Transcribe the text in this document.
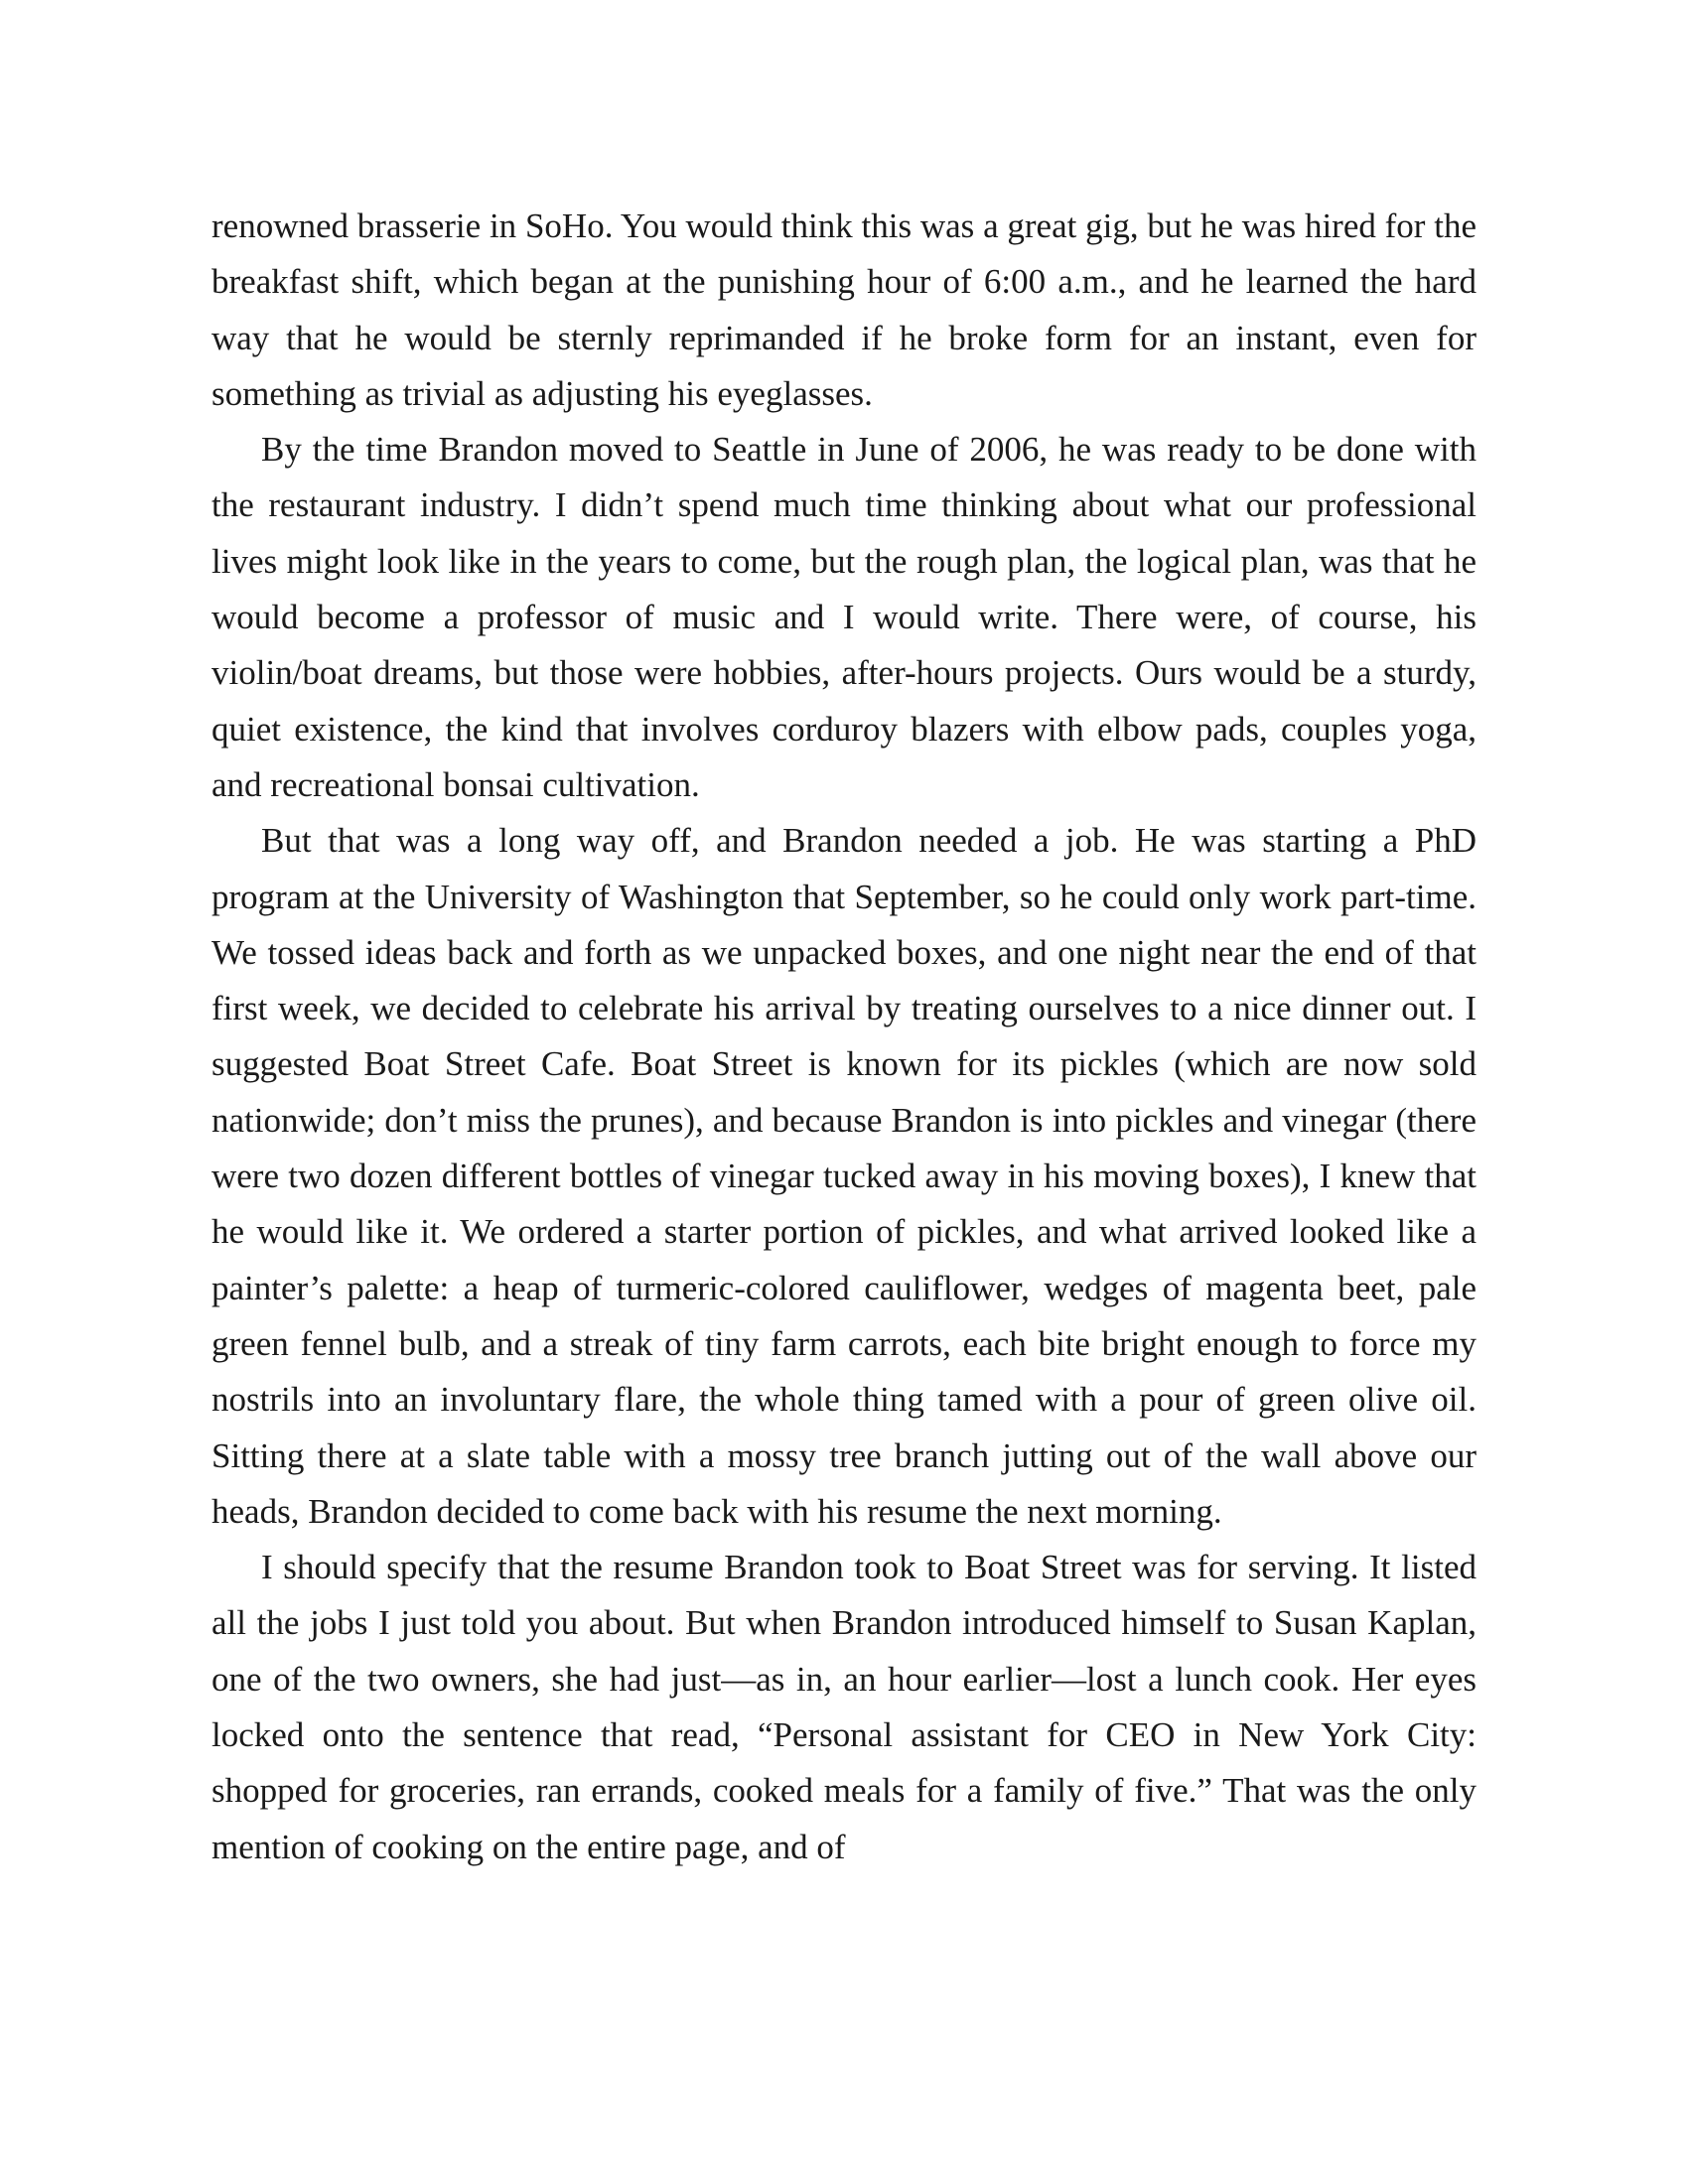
renowned brasserie in SoHo. You would think this was a great gig, but he was hired for the breakfast shift, which began at the punishing hour of 6:00 a.m., and he learned the hard way that he would be sternly reprimanded if he broke form for an instant, even for something as trivial as adjusting his eyeglasses.

By the time Brandon moved to Seattle in June of 2006, he was ready to be done with the restaurant industry. I didn’t spend much time thinking about what our professional lives might look like in the years to come, but the rough plan, the logical plan, was that he would become a professor of music and I would write. There were, of course, his violin/boat dreams, but those were hobbies, after-hours projects. Ours would be a sturdy, quiet existence, the kind that involves corduroy blazers with elbow pads, couples yoga, and recreational bonsai cultivation.

But that was a long way off, and Brandon needed a job. He was starting a PhD program at the University of Washington that September, so he could only work part-time. We tossed ideas back and forth as we unpacked boxes, and one night near the end of that first week, we decided to celebrate his arrival by treating ourselves to a nice dinner out. I suggested Boat Street Cafe. Boat Street is known for its pickles (which are now sold nationwide; don’t miss the prunes), and because Brandon is into pickles and vinegar (there were two dozen different bottles of vinegar tucked away in his moving boxes), I knew that he would like it. We ordered a starter portion of pickles, and what arrived looked like a painter’s palette: a heap of turmeric-colored cauliflower, wedges of magenta beet, pale green fennel bulb, and a streak of tiny farm carrots, each bite bright enough to force my nostrils into an involuntary flare, the whole thing tamed with a pour of green olive oil. Sitting there at a slate table with a mossy tree branch jutting out of the wall above our heads, Brandon decided to come back with his resume the next morning.

I should specify that the resume Brandon took to Boat Street was for serving. It listed all the jobs I just told you about. But when Brandon introduced himself to Susan Kaplan, one of the two owners, she had just—as in, an hour earlier—lost a lunch cook. Her eyes locked onto the sentence that read, “Personal assistant for CEO in New York City: shopped for groceries, ran errands, cooked meals for a family of five.” That was the only mention of cooking on the entire page, and of
